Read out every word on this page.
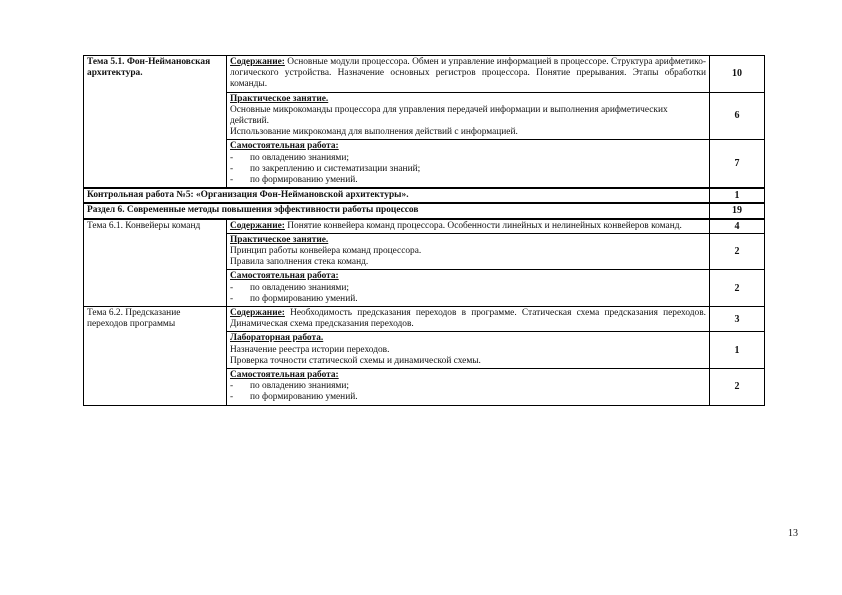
Тема 5.1. Фон-Неймановская архитектура.	Содержание: Основные модули процессора. Обмен и управление информацией в процессоре. Структура арифметико-логического устройства. Назначение основных регистров процессора. Понятие прерывания. Этапы обработки команды.	10

	Практическое занятие.
Основные микрокоманды процессора для управления передачей информации и выполнения арифметических действий.
Использование микрокоманд для выполнения действий с информацией.	6

	Самостоятельная работа:
- по овладению знаниями;
- по закреплению и систематизации знаний;
- по формированию умений.	7
Контрольная работа №5: «Организация Фон-Неймановской архитектуры».		1
Раздел 6. Современные методы повышения эффективности работы процессов		19
Тема 6.1. Конвейеры команд	Содержание: Понятие конвейера команд процессора. Особенности линейных и нелинейных конвейеров команд.	4

	Практическое занятие.
Принцип работы конвейера команд процессора.
Правила заполнения стека команд.	2

	Самостоятельная работа:
- по овладению знаниями;
- по формированию умений.	2
Тема 6.2. Предсказание переходов программы	Содержание: Необходимость предсказания переходов в программе. Статическая схема предсказания переходов. Динамическая схема предсказания переходов.	3

	Лабораторная работа.
Назначение реестра истории переходов.
Проверка точности статической схемы и динамической схемы.	1

	Самостоятельная работа:
- по овладению знаниями;
- по формированию умений.	2
13
